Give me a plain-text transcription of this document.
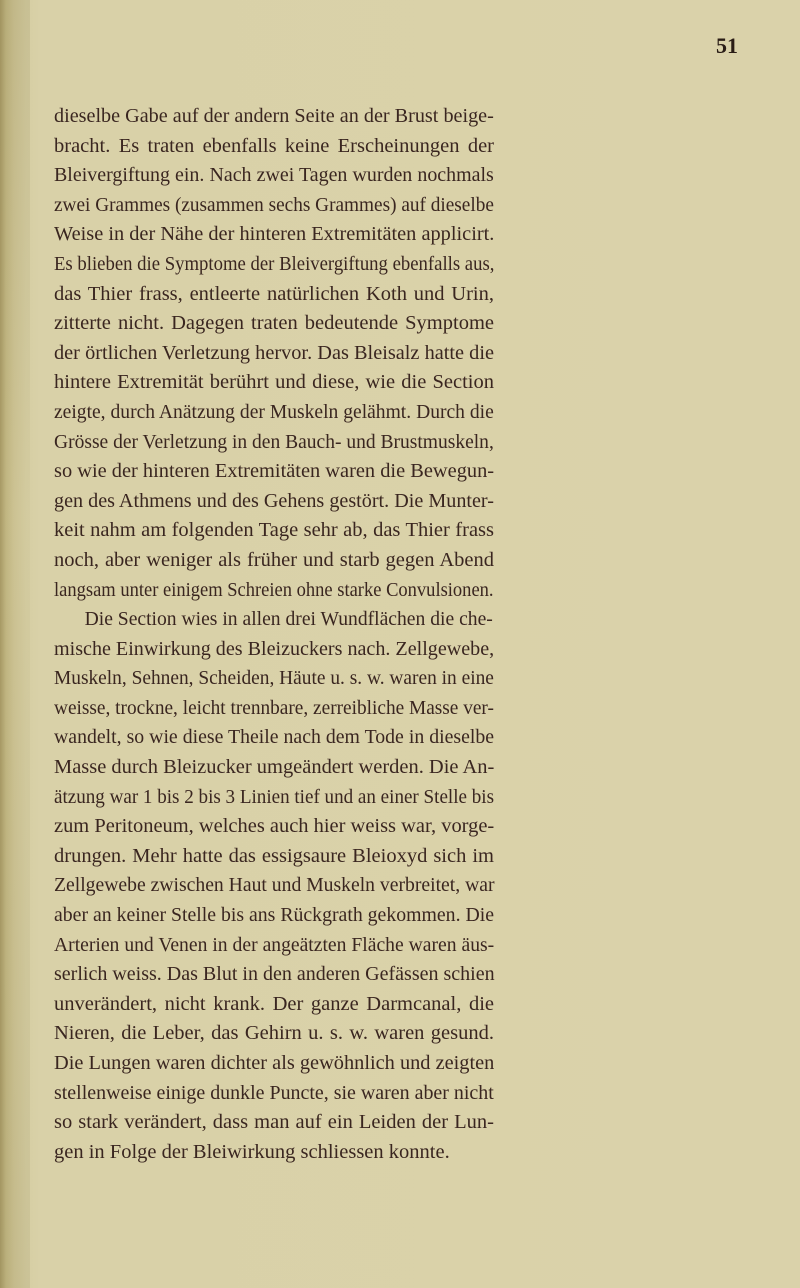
51
dieselbe Gabe auf der andern Seite an der Brust beige-
bracht. Es traten ebenfalls keine Erscheinungen der
Bleivergiftung ein. Nach zwei Tagen wurden nochmals
zwei Grammes (zusammen sechs Grammes) auf dieselbe
Weise in der Nähe der hinteren Extremitäten applicirt.
Es blieben die Symptome der Bleivergiftung ebenfalls aus,
das Thier frass, entleerte natürlichen Koth und Urin,
zitterte nicht. Dagegen traten bedeutende Symptome
der örtlichen Verletzung hervor. Das Bleisalz hatte die
hintere Extremität berührt und diese, wie die Section
zeigte, durch Anätzung der Muskeln gelähmt. Durch die
Grösse der Verletzung in den Bauch- und Brustmuskeln,
so wie der hinteren Extremitäten waren die Bewegun-
gen des Athmens und des Gehens gestört. Die Munter-
keit nahm am folgenden Tage sehr ab, das Thier frass
noch, aber weniger als früher und starb gegen Abend
langsam unter einigem Schreien ohne starke Convulsionen.
Die Section wies in allen drei Wundflächen die che-
mische Einwirkung des Bleizuckers nach. Zellgewebe,
Muskeln, Sehnen, Scheiden, Häute u. s. w. waren in eine
weisse, trockne, leicht trennbare, zerreibliche Masse ver-
wandelt, so wie diese Theile nach dem Tode in dieselbe
Masse durch Bleizucker umgeändert werden. Die An-
ätzung war 1 bis 2 bis 3 Linien tief und an einer Stelle bis
zum Peritoneum, welches auch hier weiss war, vorge-
drungen. Mehr hatte das essigsaure Bleioxyd sich im
Zellgewebe zwischen Haut und Muskeln verbreitet, war
aber an keiner Stelle bis ans Rückgrath gekommen. Die
Arterien und Venen in der angeätzten Fläche waren äus-
serlich weiss. Das Blut in den anderen Gefässen schien
unverändert, nicht krank. Der ganze Darmcanal, die
Nieren, die Leber, das Gehirn u. s. w. waren gesund.
Die Lungen waren dichter als gewöhnlich und zeigten
stellenweise einige dunkle Puncte, sie waren aber nicht
so stark verändert, dass man auf ein Leiden der Lun-
gen in Folge der Bleiwirkung schliessen konnte.
